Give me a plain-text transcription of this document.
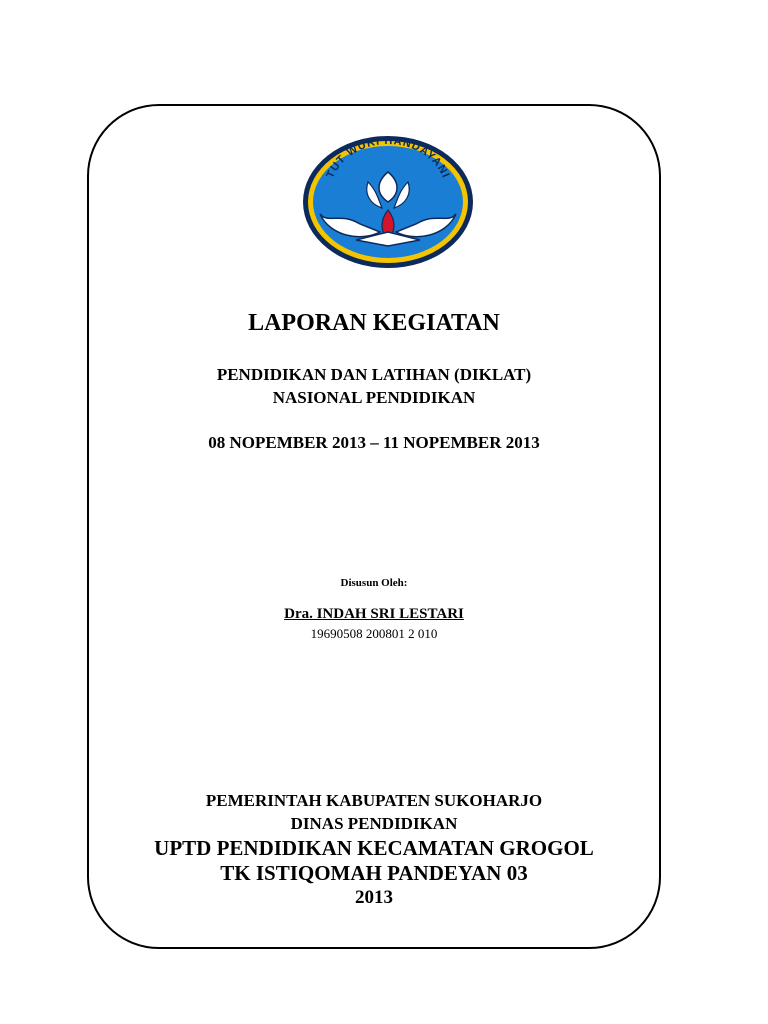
TUT WURI HANDAYANI
LAPORAN KEGIATAN
PENDIDIKAN DAN LATIHAN (DIKLAT)
NASIONAL PENDIDIKAN
08 NOPEMBER 2013 – 11 NOPEMBER 2013
Disusun Oleh:
Dra. INDAH SRI LESTARI
19690508 200801 2 010
PEMERINTAH KABUPATEN SUKOHARJO
DINAS PENDIDIKAN
UPTD PENDIDIKAN KECAMATAN GROGOL
TK ISTIQOMAH PANDEYAN 03
2013
